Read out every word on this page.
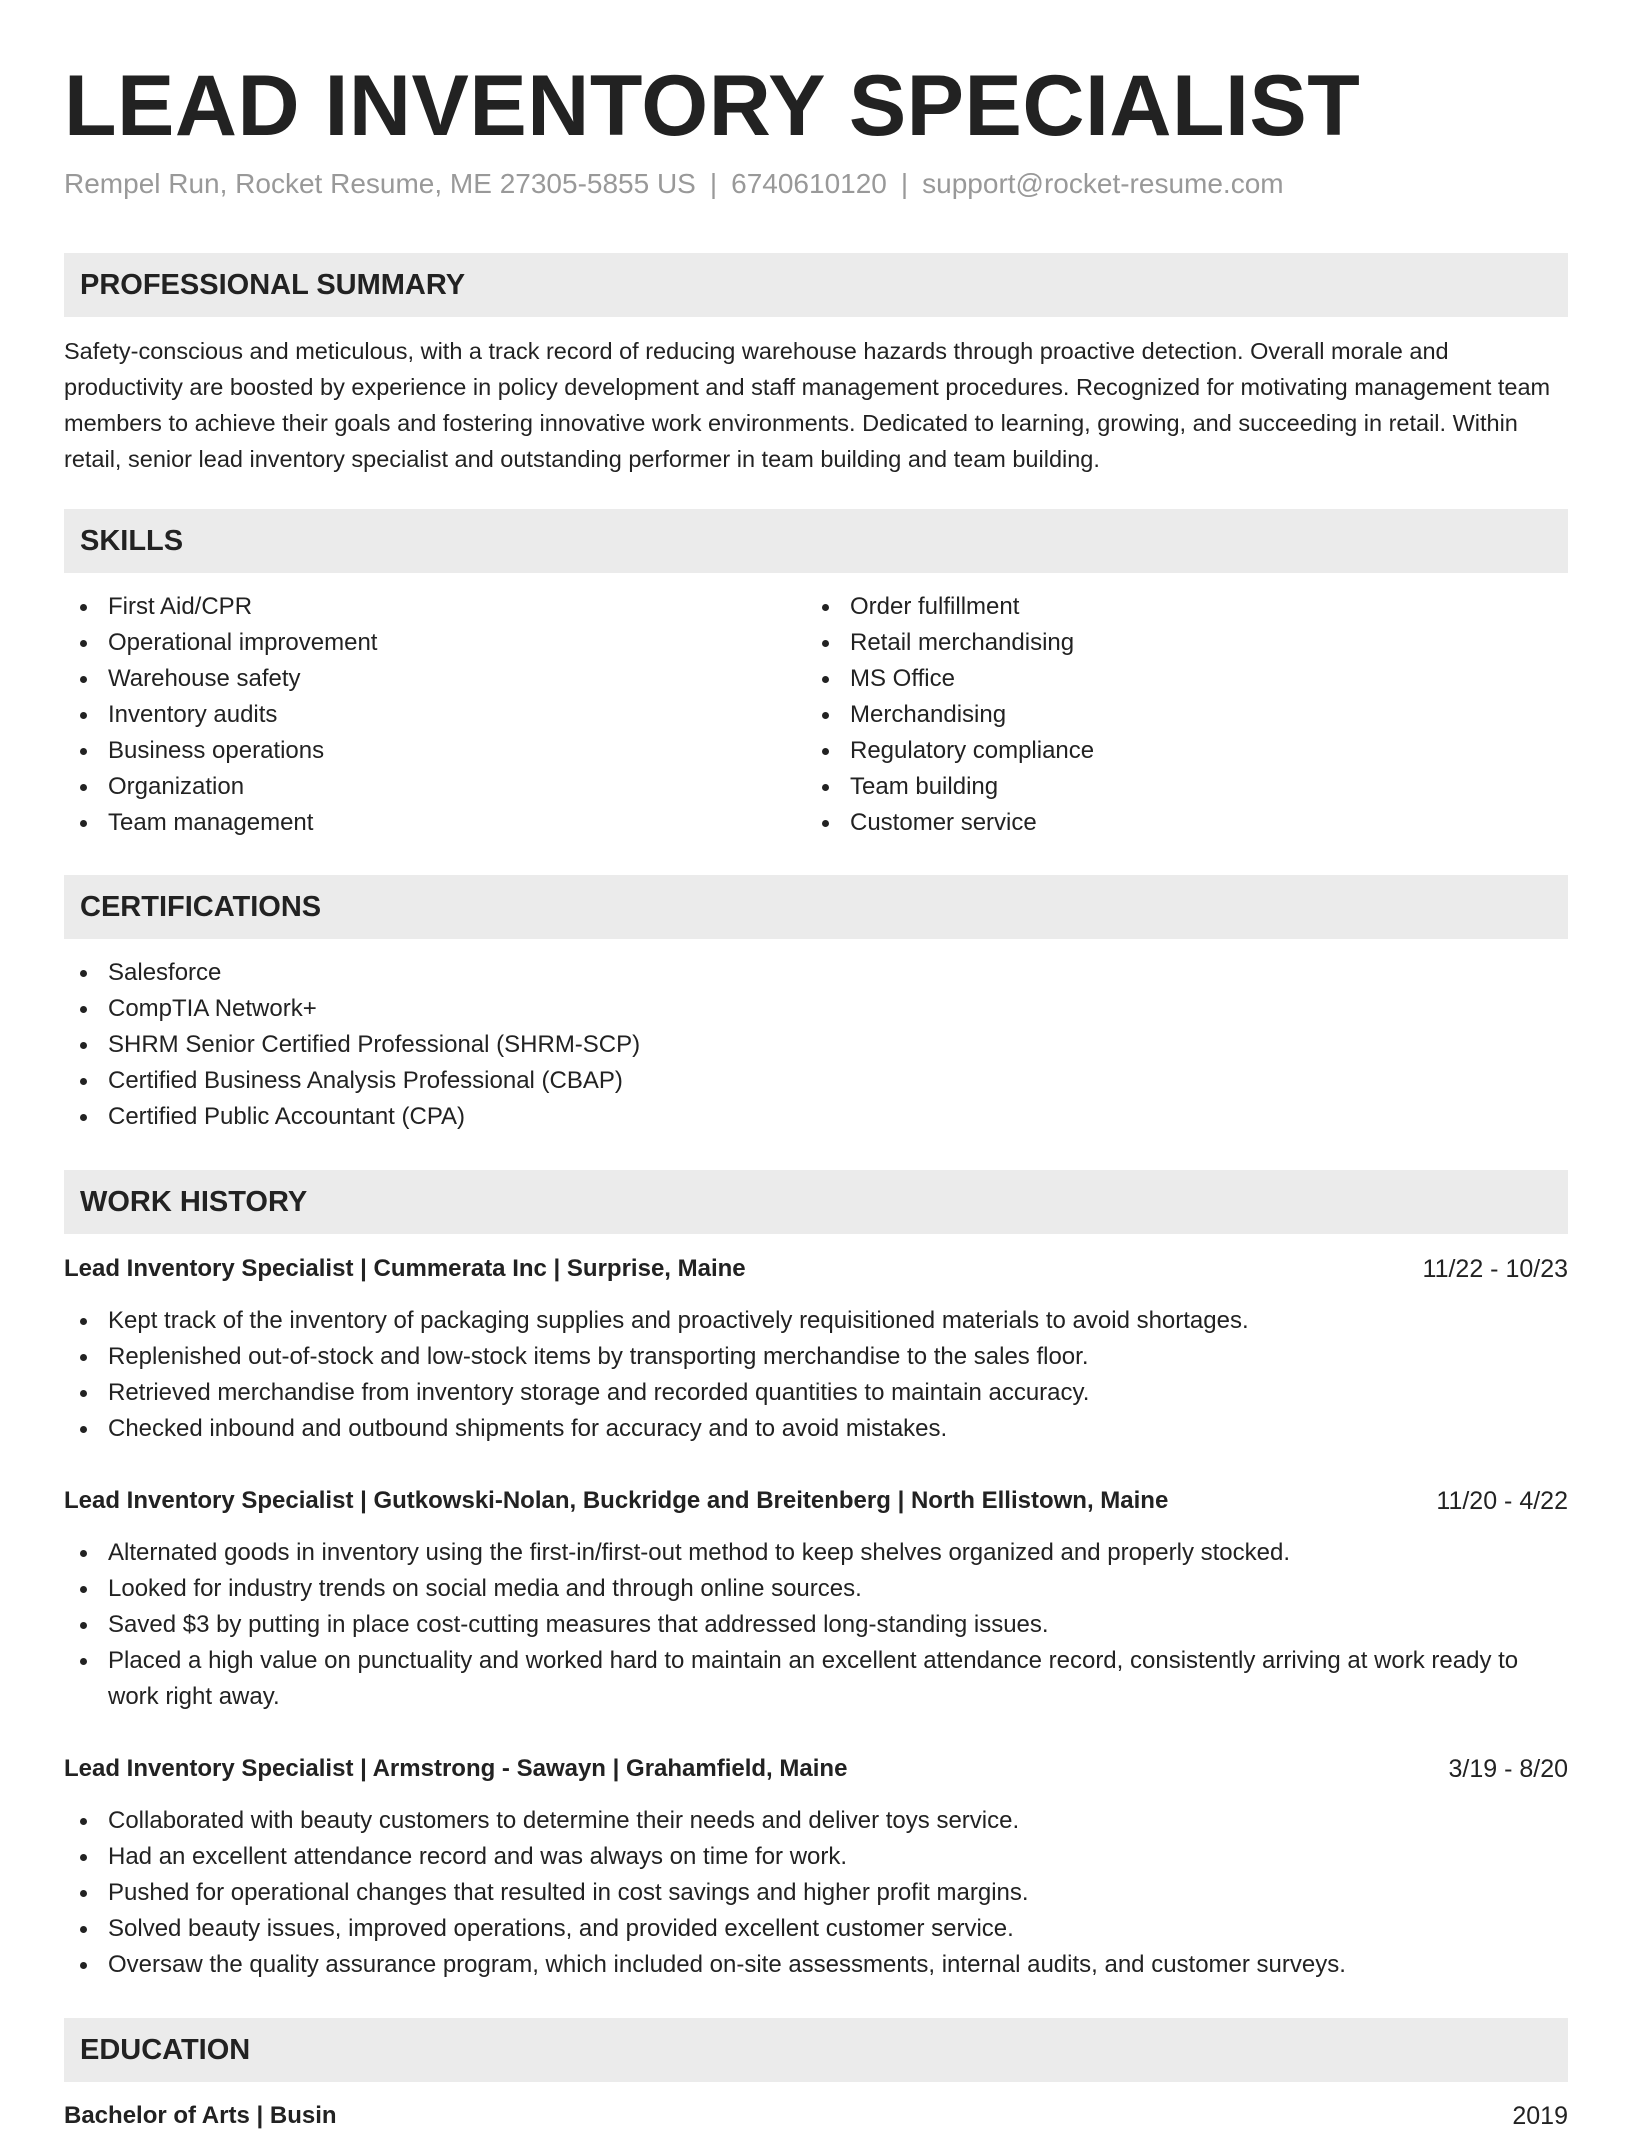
LEAD INVENTORY SPECIALIST
Rempel Run, Rocket Resume, ME 27305-5855 US | 6740610120 | support@rocket-resume.com
PROFESSIONAL SUMMARY

Safety-conscious and meticulous, with a track record of reducing warehouse hazards through proactive detection. Overall morale and productivity are boosted by experience in policy development and staff management procedures. Recognized for motivating management team members to achieve their goals and fostering innovative work environments. Dedicated to learning, growing, and succeeding in retail. Within retail, senior lead inventory specialist and outstanding performer in team building and team building.

SKILLS
First Aid/CPR
Operational improvement
Warehouse safety
Inventory audits
Business operations
Organization
Team management
Order fulfillment
Retail merchandising
MS Office
Merchandising
Regulatory compliance
Team building
Customer service
CERTIFICATIONS
Salesforce
CompTIA Network+
SHRM Senior Certified Professional (SHRM-SCP)
Certified Business Analysis Professional (CBAP)
Certified Public Accountant (CPA)
WORK HISTORY
Lead Inventory Specialist | Cummerata Inc | Surprise, Maine	11/22 - 10/23
Kept track of the inventory of packaging supplies and proactively requisitioned materials to avoid shortages.
Replenished out-of-stock and low-stock items by transporting merchandise to the sales floor.
Retrieved merchandise from inventory storage and recorded quantities to maintain accuracy.
Checked inbound and outbound shipments for accuracy and to avoid mistakes.
Lead Inventory Specialist | Gutkowski-Nolan, Buckridge and Breitenberg | North Ellistown, Maine	11/20 - 4/22
Alternated goods in inventory using the first-in/first-out method to keep shelves organized and properly stocked.
Looked for industry trends on social media and through online sources.
Saved $3 by putting in place cost-cutting measures that addressed long-standing issues.
Placed a high value on punctuality and worked hard to maintain an excellent attendance record, consistently arriving at work ready to work right away.
Lead Inventory Specialist | Armstrong - Sawayn | Grahamfield, Maine	3/19 - 8/20
Collaborated with beauty customers to determine their needs and deliver toys service.
Had an excellent attendance record and was always on time for work.
Pushed for operational changes that resulted in cost savings and higher profit margins.
Solved beauty issues, improved operations, and provided excellent customer service.
Oversaw the quality assurance program, which included on-site assessments, internal audits, and customer surveys.
EDUCATION
Bachelor of Arts | Busin	2019
